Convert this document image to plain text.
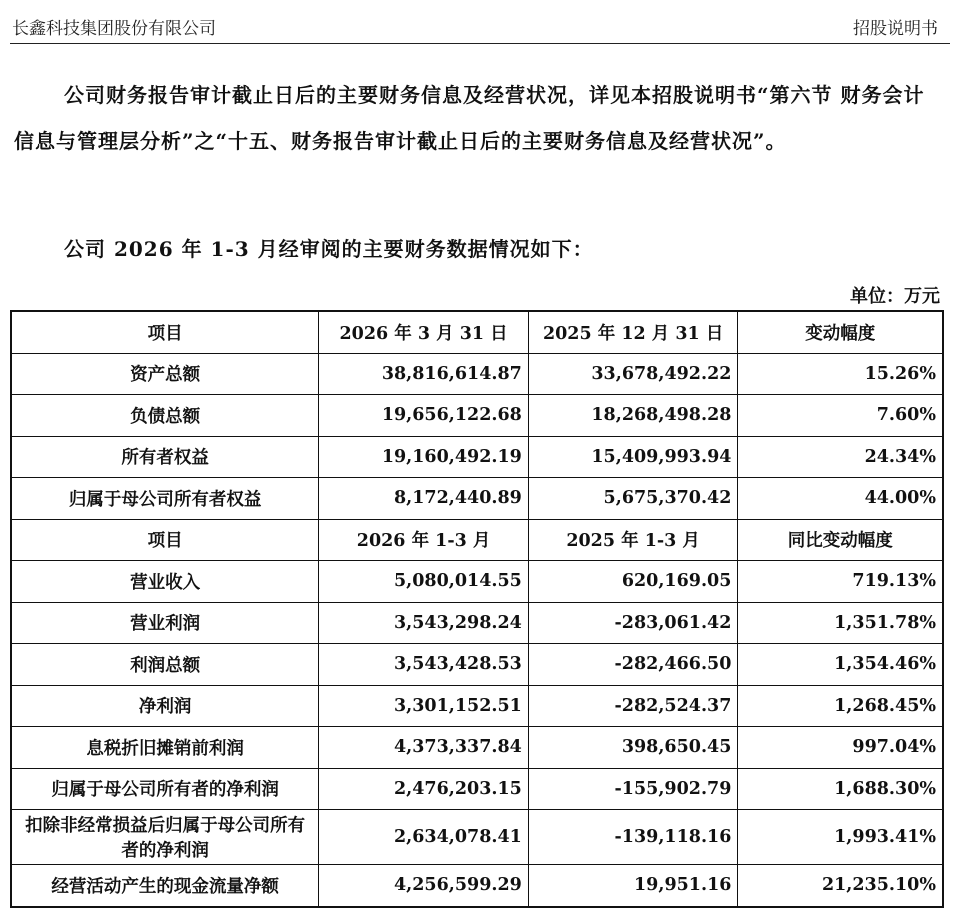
长鑫科技集团股份有限公司	招股说明书
公司财务报告审计截止日后的主要财务信息及经营状况，详见本招股说明书“第六节 财务会计信息与管理层分析”之“十五、财务报告审计截止日后的主要财务信息及经营状况”。
公司 2026 年 1-3 月经审阅的主要财务数据情况如下：
单位：万元
项目	2026 年 3 月 31 日	2025 年 12 月 31 日	变动幅度
资产总额	38,816,614.87	33,678,492.22	15.26%
负债总额	19,656,122.68	18,268,498.28	7.60%
所有者权益	19,160,492.19	15,409,993.94	24.34%
归属于母公司所有者权益	8,172,440.89	5,675,370.42	44.00%
项目	2026 年 1-3 月	2025 年 1-3 月	同比变动幅度
营业收入	5,080,014.55	620,169.05	719.13%
营业利润	3,543,298.24	-283,061.42	1,351.78%
利润总额	3,543,428.53	-282,466.50	1,354.46%
净利润	3,301,152.51	-282,524.37	1,268.45%
息税折旧摊销前利润	4,373,337.84	398,650.45	997.04%
归属于母公司所有者的净利润	2,476,203.15	-155,902.79	1,688.30%
扣除非经常损益后归属于母公司所有者的净利润	2,634,078.41	-139,118.16	1,993.41%
经营活动产生的现金流量净额	4,256,599.29	19,951.16	21,235.10%
